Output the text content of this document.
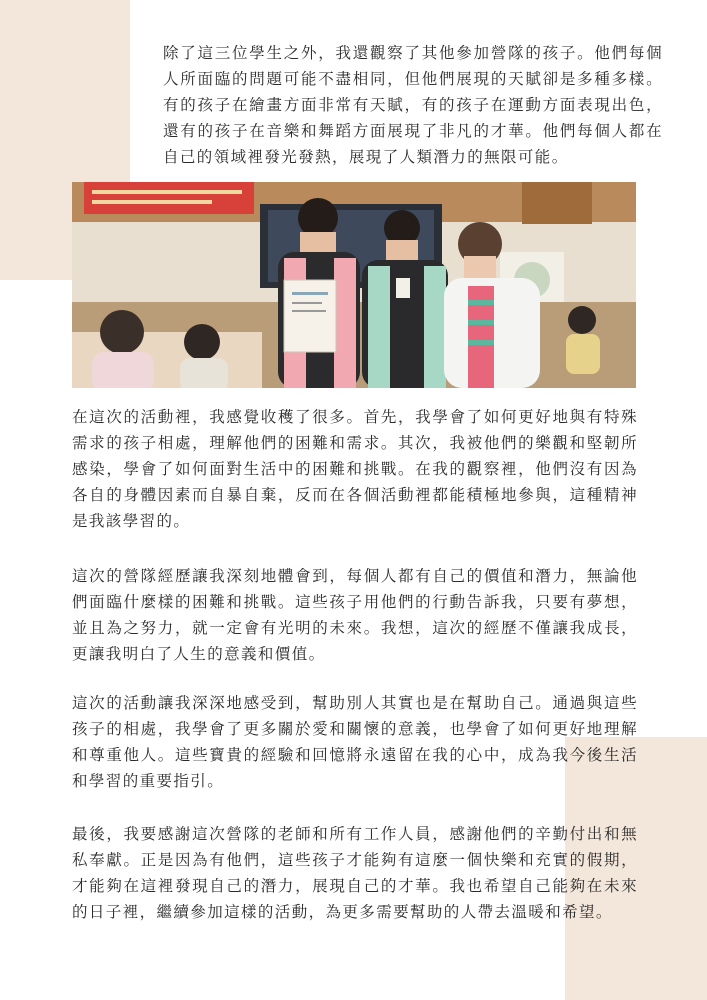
除了這三位學生之外，我還觀察了其他參加營隊的孩子。他們每個人所面臨的問題可能不盡相同，但他們展現的天賦卻是多種多樣。有的孩子在繪畫方面非常有天賦，有的孩子在運動方面表現出色，還有的孩子在音樂和舞蹈方面展現了非凡的才華。他們每個人都在自己的領域裡發光發熱，展現了人類潛力的無限可能。

在這次的活動裡，我感覺收穫了很多。首先，我學會了如何更好地與有特殊需求的孩子相處，理解他們的困難和需求。其次，我被他們的樂觀和堅韌所感染，學會了如何面對生活中的困難和挑戰。在我的觀察裡，他們沒有因為各自的身體因素而自暴自棄，反而在各個活動裡都能積極地參與，這種精神是我該學習的。

這次的營隊經歷讓我深刻地體會到，每個人都有自己的價值和潛力，無論他們面臨什麼樣的困難和挑戰。這些孩子用他們的行動告訴我，只要有夢想，並且為之努力，就一定會有光明的未來。我想，這次的經歷不僅讓我成長，更讓我明白了人生的意義和價值。

這次的活動讓我深深地感受到，幫助別人其實也是在幫助自己。通過與這些孩子的相處，我學會了更多關於愛和關懷的意義，也學會了如何更好地理解和尊重他人。這些寶貴的經驗和回憶將永遠留在我的心中，成為我今後生活和學習的重要指引。

最後，我要感謝這次營隊的老師和所有工作人員，感謝他們的辛勤付出和無私奉獻。正是因為有他們，這些孩子才能夠有這麼一個快樂和充實的假期，才能夠在這裡發現自己的潛力，展現自己的才華。我也希望自己能夠在未來的日子裡，繼續參加這樣的活動，為更多需要幫助的人帶去溫暖和希望。
